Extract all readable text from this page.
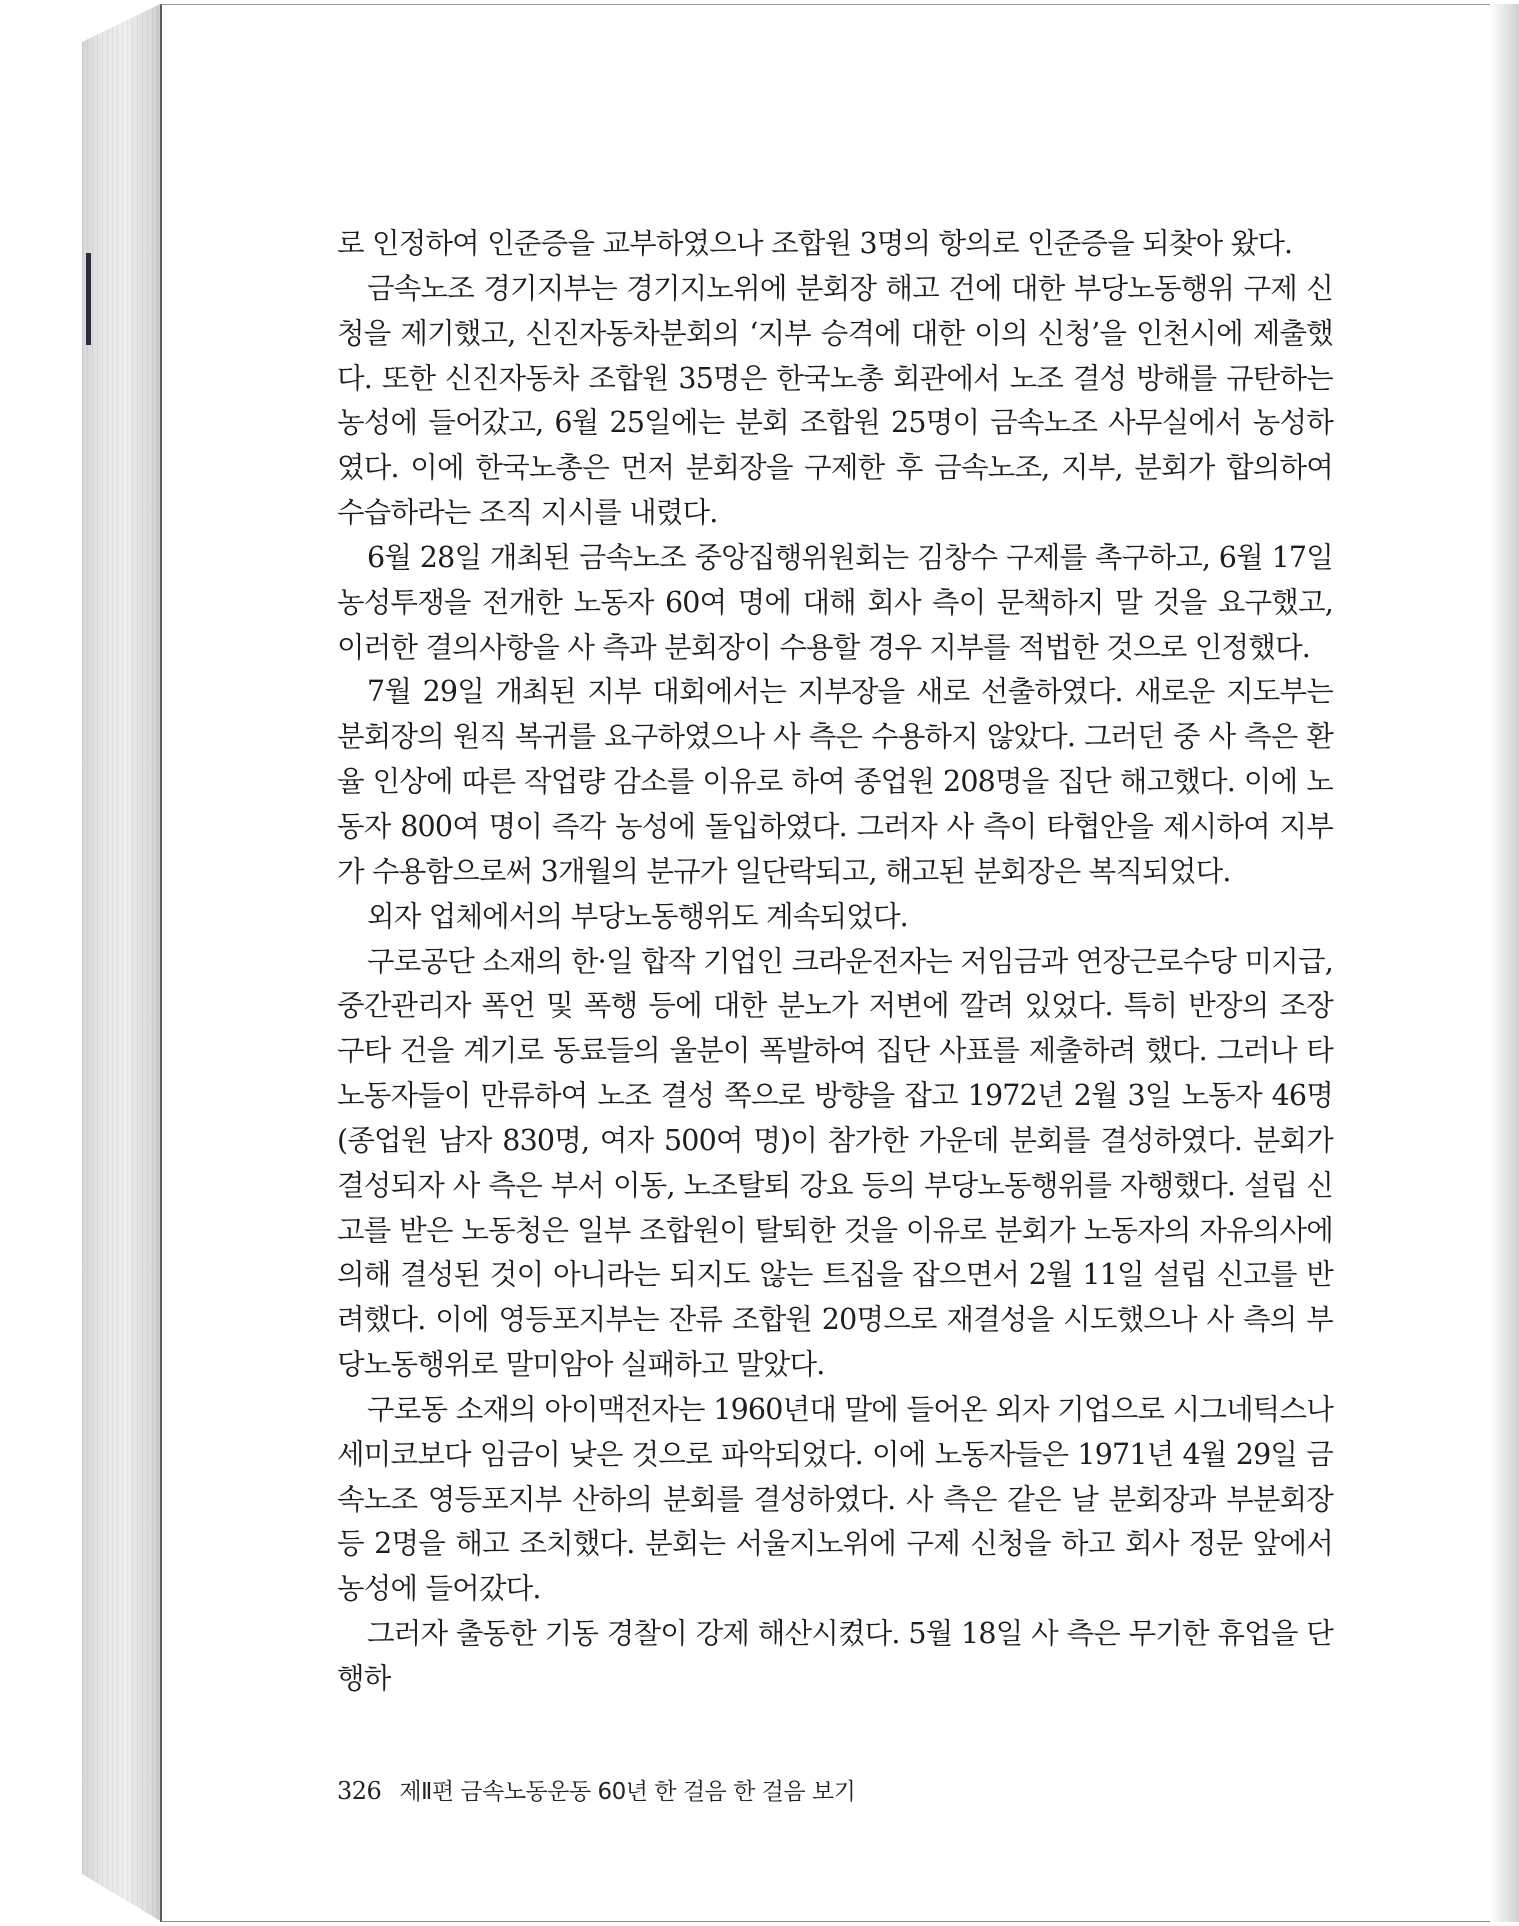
로 인정하여 인준증을 교부하였으나 조합원 3명의 항의로 인준증을 되찾아 왔다.

금속노조 경기지부는 경기지노위에 분회장 해고 건에 대한 부당노동행위 구제 신청을 제기했고, 신진자동차분회의 ‘지부 승격에 대한 이의 신청’을 인천시에 제출했다. 또한 신진자동차 조합원 35명은 한국노총 회관에서 노조 결성 방해를 규탄하는 농성에 들어갔고, 6월 25일에는 분회 조합원 25명이 금속노조 사무실에서 농성하였다. 이에 한국노총은 먼저 분회장을 구제한 후 금속노조, 지부, 분회가 합의하여 수습하라는 조직 지시를 내렸다.

6월 28일 개최된 금속노조 중앙집행위원회는 김창수 구제를 촉구하고, 6월 17일 농성투쟁을 전개한 노동자 60여 명에 대해 회사 측이 문책하지 말 것을 요구했고, 이러한 결의사항을 사 측과 분회장이 수용할 경우 지부를 적법한 것으로 인정했다.

7월 29일 개최된 지부 대회에서는 지부장을 새로 선출하였다. 새로운 지도부는 분회장의 원직 복귀를 요구하였으나 사 측은 수용하지 않았다. 그러던 중 사 측은 환율 인상에 따른 작업량 감소를 이유로 하여 종업원 208명을 집단 해고했다. 이에 노동자 800여 명이 즉각 농성에 돌입하였다. 그러자 사 측이 타협안을 제시하여 지부가 수용함으로써 3개월의 분규가 일단락되고, 해고된 분회장은 복직되었다.

외자 업체에서의 부당노동행위도 계속되었다.

구로공단 소재의 한·일 합작 기업인 크라운전자는 저임금과 연장근로수당 미지급, 중간관리자 폭언 및 폭행 등에 대한 분노가 저변에 깔려 있었다. 특히 반장의 조장 구타 건을 계기로 동료들의 울분이 폭발하여 집단 사표를 제출하려 했다. 그러나 타 노동자들이 만류하여 노조 결성 쪽으로 방향을 잡고 1972년 2월 3일 노동자 46명(종업원 남자 830명, 여자 500여 명)이 참가한 가운데 분회를 결성하였다. 분회가 결성되자 사 측은 부서 이동, 노조탈퇴 강요 등의 부당노동행위를 자행했다. 설립 신고를 받은 노동청은 일부 조합원이 탈퇴한 것을 이유로 분회가 노동자의 자유의사에 의해 결성된 것이 아니라는 되지도 않는 트집을 잡으면서 2월 11일 설립 신고를 반려했다. 이에 영등포지부는 잔류 조합원 20명으로 재결성을 시도했으나 사 측의 부당노동행위로 말미암아 실패하고 말았다.

구로동 소재의 아이맥전자는 1960년대 말에 들어온 외자 기업으로 시그네틱스나 세미코보다 임금이 낮은 것으로 파악되었다. 이에 노동자들은 1971년 4월 29일 금속노조 영등포지부 산하의 분회를 결성하였다. 사 측은 같은 날 분회장과 부분회장 등 2명을 해고 조치했다. 분회는 서울지노위에 구제 신청을 하고 회사 정문 앞에서 농성에 들어갔다.

그러자 출동한 기동 경찰이 강제 해산시켰다. 5월 18일 사 측은 무기한 휴업을 단행하

326 제Ⅱ편 금속노동운동 60년 한 걸음 한 걸음 보기
